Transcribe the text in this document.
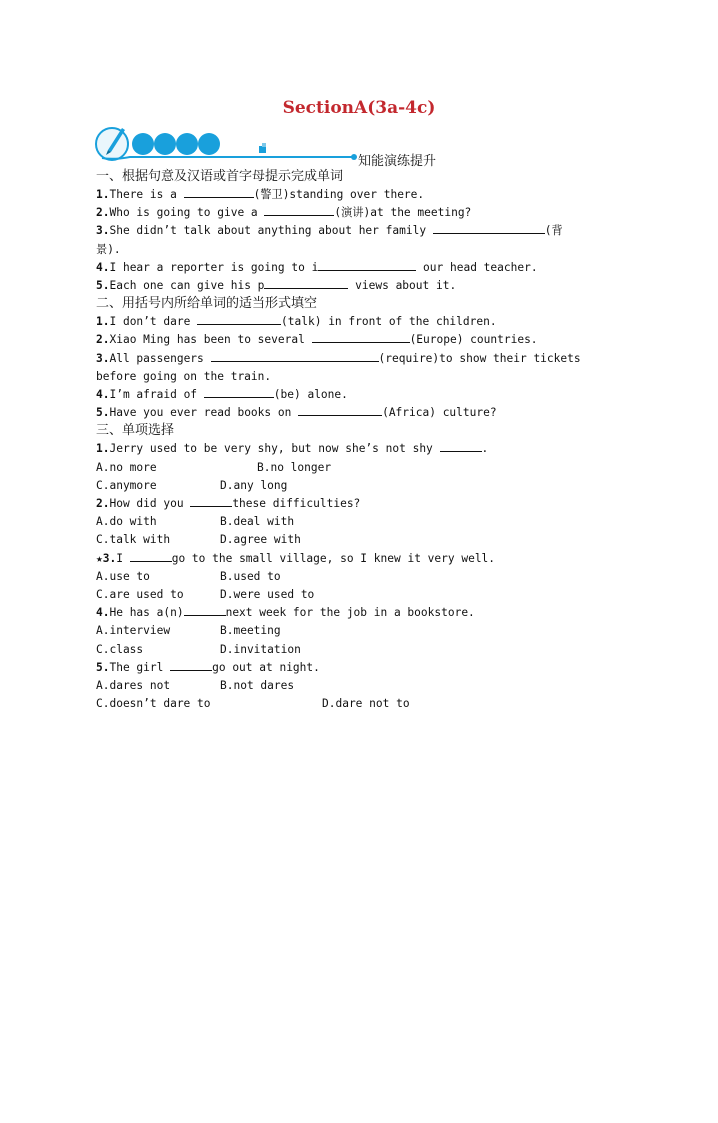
SectionA(3a-4c)
知能演练提升
一、根据句意及汉语或首字母提示完成单词
1.There is a	(警卫)standing over there.
2.Who is going to give a	(演讲)at the meeting?
3.She didn’t talk about anything about her family	(背
景).
4.I hear a reporter is going to i	our head teacher.
5.Each one can give his p	views about it.
二、用括号内所给单词的适当形式填空
1.I don’t dare	(talk) in front of the children.
2.Xiao Ming has been to several	(Europe) countries.
3.All passengers	(require)to show their tickets
before going on the train.
4.I’m afraid of	(be) alone.
5.Have you ever read books on	(Africa) culture?
三、单项选择
1.Jerry used to be very shy, but now she’s not shy	.
A.no more	B.no longer
C.anymore	D.any long
2.How did you	these difficulties?
A.do with	B.deal with
C.talk with	D.agree with
★3.I	go to the small village, so I knew it very well.
A.use to	B.used to
C.are used to	D.were used to
4.He has a(n)	next week for the job in a bookstore.
A.interview	B.meeting
C.class	D.invitation
5.The girl	go out at night.
A.dares not	B.not dares
C.doesn’t dare to	D.dare not to
